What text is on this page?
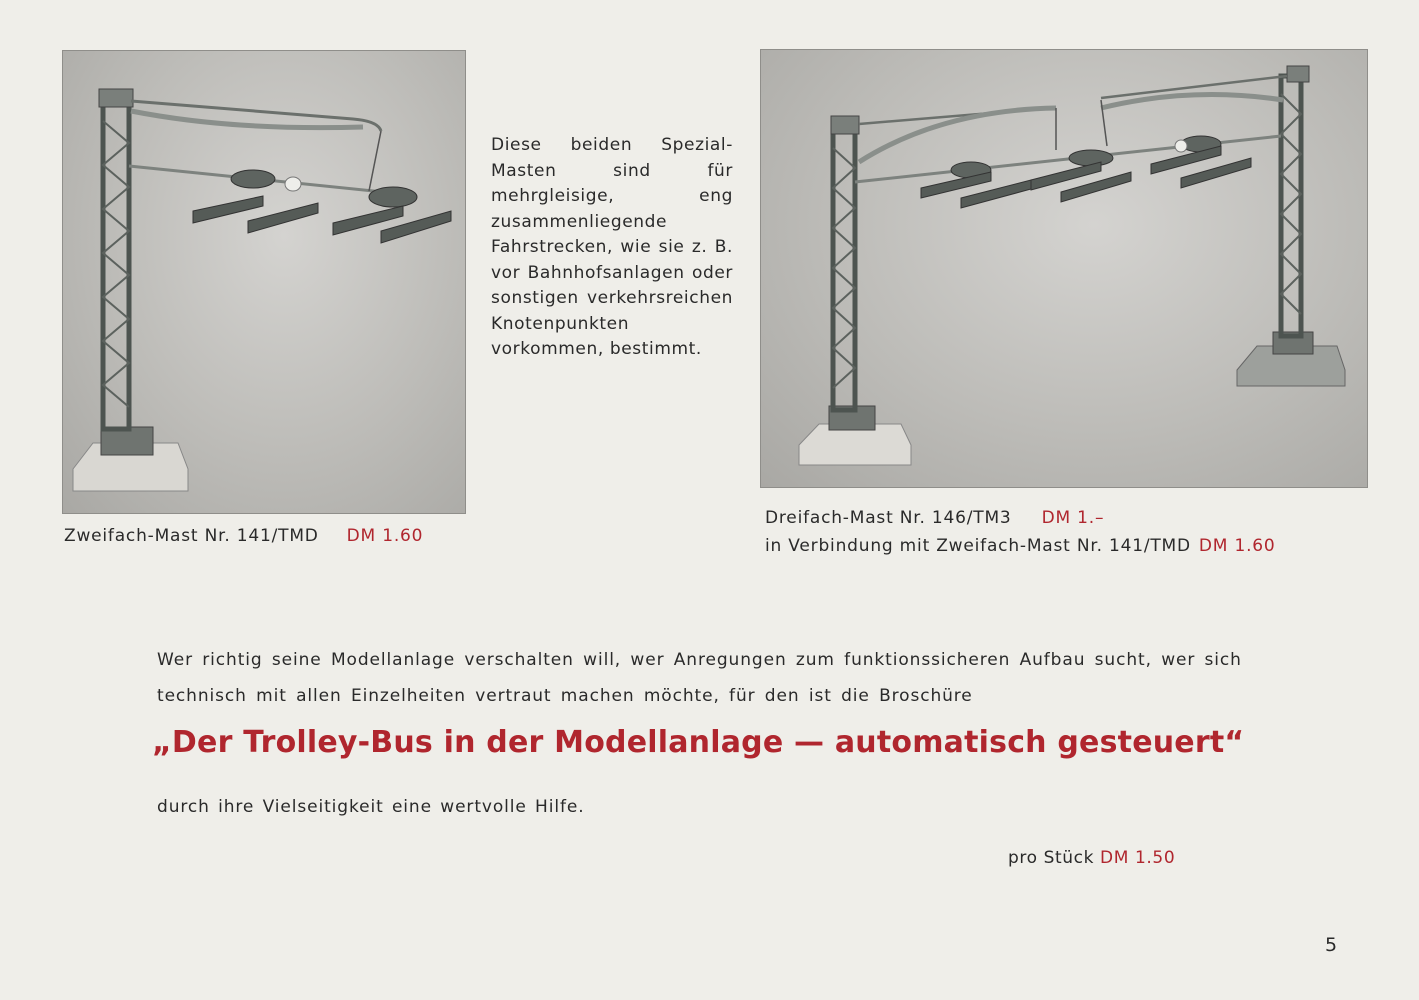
Diese beiden Spezial-Masten sind für mehrgleisige, eng zusammenliegende Fahrstrecken, wie sie z. B. vor Bahnhofsanlagen oder sonstigen verkehrsreichen Knotenpunkten vorkommen, bestimmt.
Zweifach-Mast Nr. 141/TMD DM 1.60
Dreifach-Mast Nr. 146/TM3 DM 1.–
in Verbindung mit Zweifach-Mast Nr. 141/TMD DM 1.60
Wer richtig seine Modellanlage verschalten will, wer Anregungen zum funktionssicheren Aufbau sucht, wer sich
technisch mit allen Einzelheiten vertraut machen möchte, für den ist die Broschüre
„Der Trolley-Bus in der Modellanlage — automatisch gesteuert“
durch ihre Vielseitigkeit eine wertvolle Hilfe.
pro Stück DM 1.50
5
